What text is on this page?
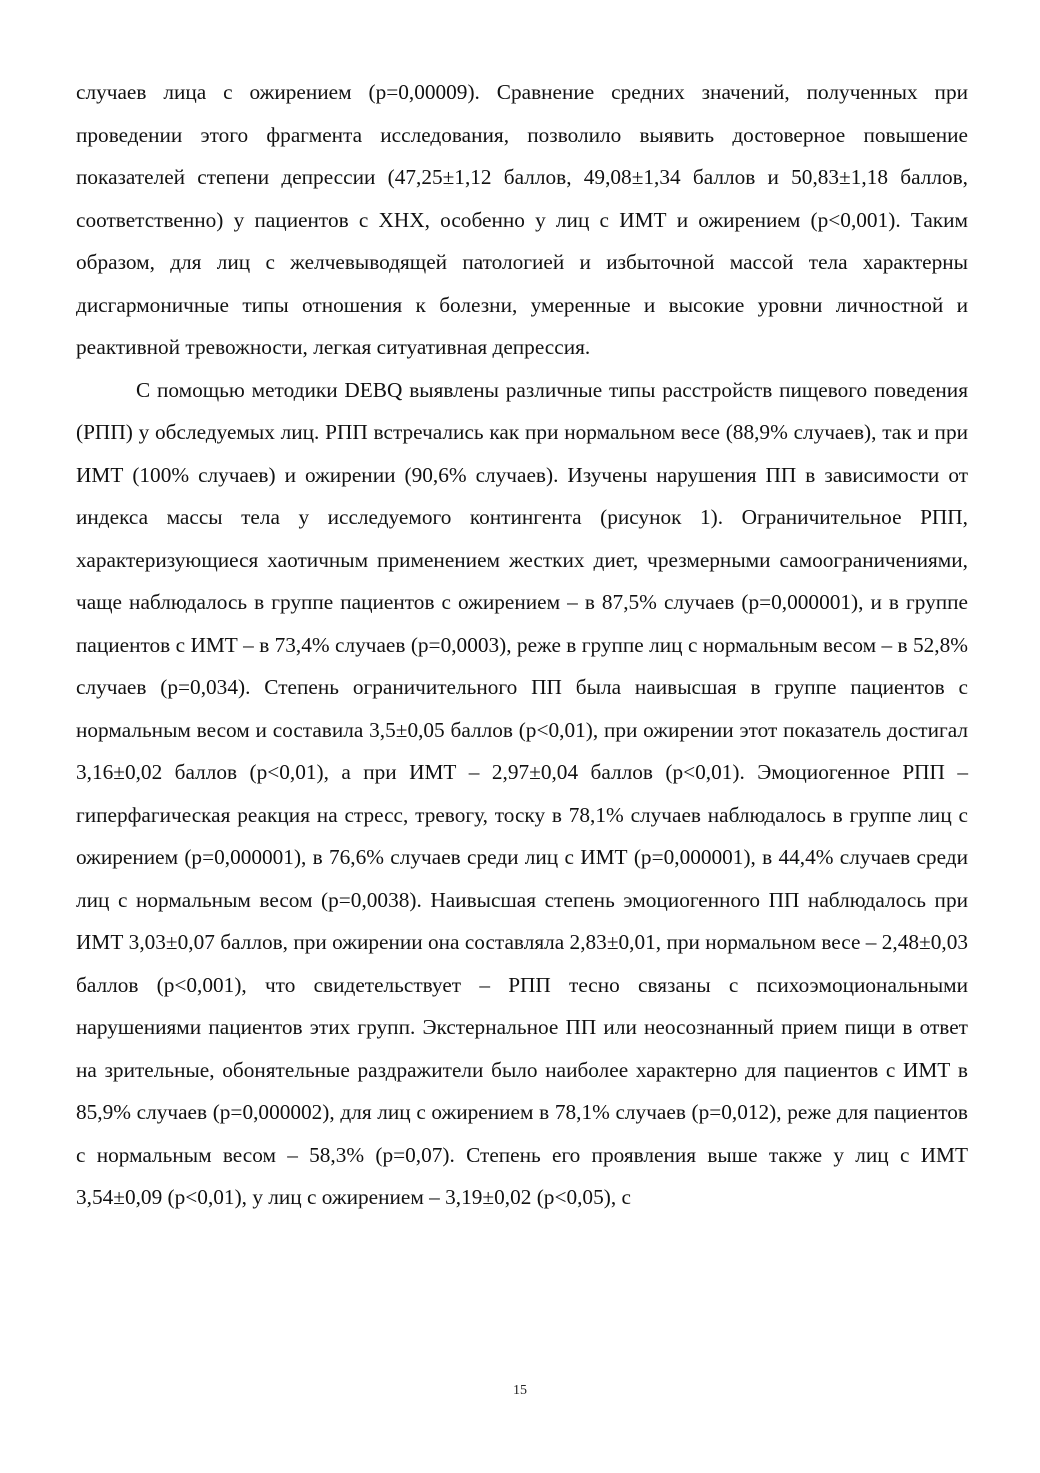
случаев лица с ожирением (p=0,00009). Сравнение средних значений, полученных при проведении этого фрагмента исследования, позволило выявить достоверное повышение показателей степени депрессии (47,25±1,12 баллов, 49,08±1,34 баллов и 50,83±1,18 баллов, соответственно) у пациентов с ХНХ, особенно у лиц с ИМТ и ожирением (p<0,001). Таким образом, для лиц с желчевыводящей патологией и избыточной массой тела характерны дисгармоничные типы отношения к болезни, умеренные и высокие уровни личностной и реактивной тревожности, легкая ситуативная депрессия.

С помощью методики DEBQ выявлены различные типы расстройств пищевого поведения (РПП) у обследуемых лиц. РПП встречались как при нормальном весе (88,9% случаев), так и при ИМТ (100% случаев) и ожирении (90,6% случаев). Изучены нарушения ПП в зависимости от индекса массы тела у исследуемого контингента (рисунок 1). Ограничительное РПП, характеризующиеся хаотичным применением жестких диет, чрезмерными самоограничениями, чаще наблюдалось в группе пациентов с ожирением – в 87,5% случаев (p=0,000001), и в группе пациентов с ИМТ – в 73,4% случаев (p=0,0003), реже в группе лиц с нормальным весом – в 52,8% случаев (p=0,034). Степень ограничительного ПП была наивысшая в группе пациентов с нормальным весом и составила 3,5±0,05 баллов (p<0,01), при ожирении этот показатель достигал 3,16±0,02 баллов (p<0,01), а при ИМТ – 2,97±0,04 баллов (p<0,01). Эмоциогенное РПП – гиперфагическая реакция на стресс, тревогу, тоску в 78,1% случаев наблюдалось в группе лиц с ожирением (p=0,000001), в 76,6% случаев среди лиц с ИМТ (p=0,000001), в 44,4% случаев среди лиц с нормальным весом (p=0,0038). Наивысшая степень эмоциогенного ПП наблюдалось при ИМТ 3,03±0,07 баллов, при ожирении она составляла 2,83±0,01, при нормальном весе – 2,48±0,03 баллов (p<0,001), что свидетельствует – РПП тесно связаны с психоэмоциональными нарушениями пациентов этих групп. Экстернальное ПП или неосознанный прием пищи в ответ на зрительные, обонятельные раздражители было наиболее характерно для пациентов с ИМТ в 85,9% случаев (p=0,000002), для лиц с ожирением в 78,1% случаев (p=0,012), реже для пациентов с нормальным весом – 58,3% (p=0,07). Степень его проявления выше также у лиц с ИМТ 3,54±0,09 (p<0,01), у лиц с ожирением – 3,19±0,02 (p<0,05), с

15
